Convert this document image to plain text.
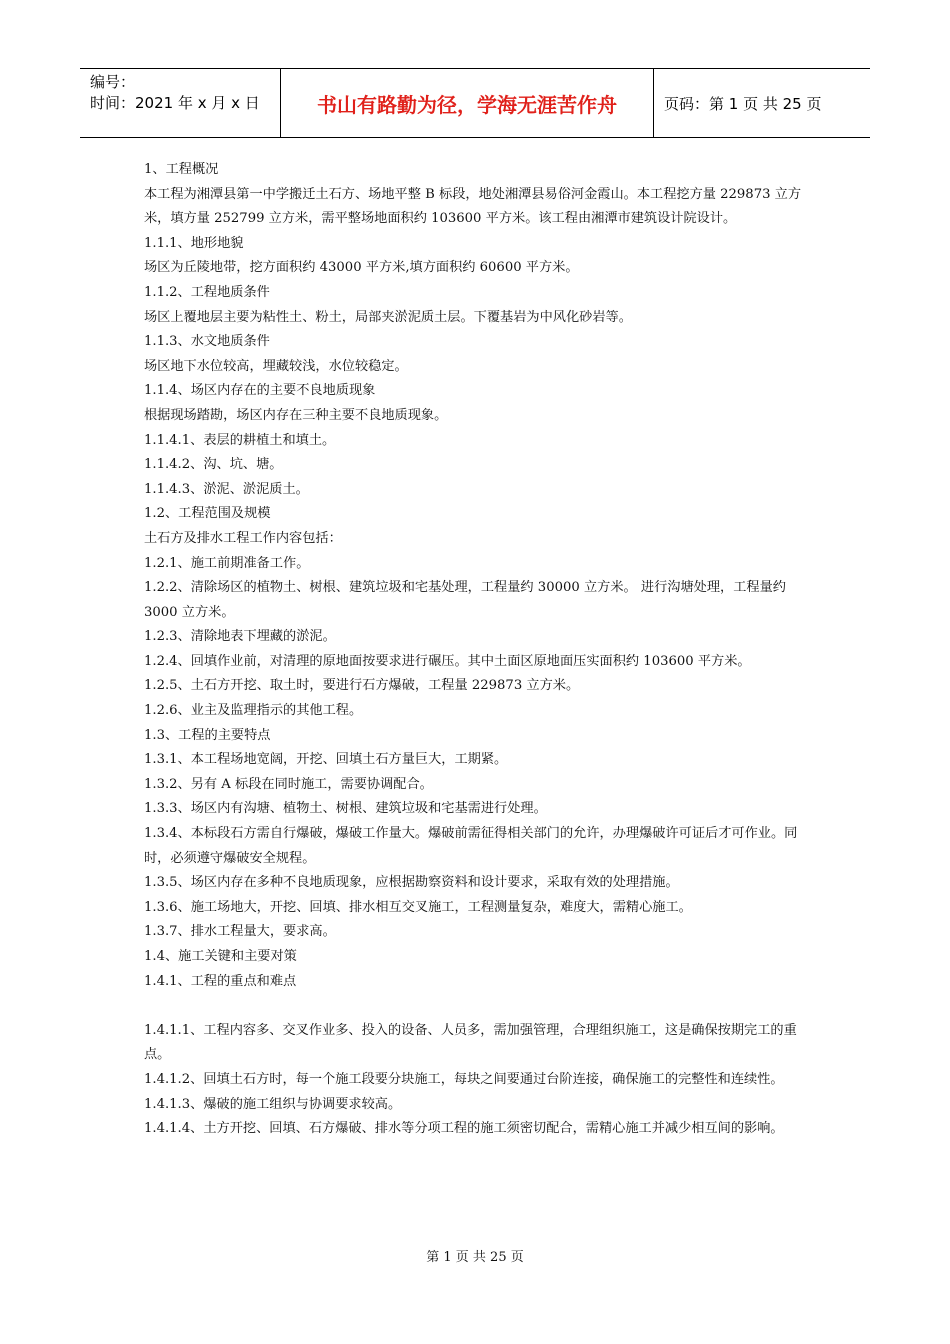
编号：
时间：2021 年 x 月 x 日	书山有路勤为径，学海无涯苦作舟	页码：第 1 页 共 25 页

1、工程概况

本工程为湘潭县第一中学搬迁土石方、场地平整 B 标段，地处湘潭县易俗河金霞山。本工程挖方量 229873 立方米，填方量 252799 立方米，需平整场地面积约 103600 平方米。该工程由湘潭市建筑设计院设计。

1.1.1、地形地貌

场区为丘陵地带，挖方面积约 43000 平方米,填方面积约 60600 平方米。

1.1.2、工程地质条件

场区上覆地层主要为粘性土、粉土，局部夹淤泥质土层。下覆基岩为中风化砂岩等。

1.1.3、水文地质条件

场区地下水位较高，埋藏较浅，水位较稳定。

1.1.4、场区内存在的主要不良地质现象

根据现场踏勘，场区内存在三种主要不良地质现象。

1.1.4.1、表层的耕植土和填土。

1.1.4.2、沟、坑、塘。

1.1.4.3、淤泥、淤泥质土。

1.2、工程范围及规模

土石方及排水工程工作内容包括：

1.2.1、施工前期准备工作。

1.2.2、清除场区的植物土、树根、建筑垃圾和宅基处理，工程量约 30000 立方米。 进行沟塘处理，工程量约 3000 立方米。

1.2.3、清除地表下埋藏的淤泥。

1.2.4、回填作业前，对清理的原地面按要求进行碾压。其中土面区原地面压实面积约 103600 平方米。

1.2.5、土石方开挖、取土时，要进行石方爆破，工程量 229873 立方米。

1.2.6、业主及监理指示的其他工程。

1.3、工程的主要特点

1.3.1、本工程场地宽阔，开挖、回填土石方量巨大，工期紧。

1.3.2、另有 A 标段在同时施工，需要协调配合。

1.3.3、场区内有沟塘、植物土、树根、建筑垃圾和宅基需进行处理。

1.3.4、本标段石方需自行爆破，爆破工作量大。爆破前需征得相关部门的允许，办理爆破许可证后才可作业。同

时，必须遵守爆破安全规程。

1.3.5、场区内存在多种不良地质现象，应根据勘察资料和设计要求，采取有效的处理措施。

1.3.6、施工场地大，开挖、回填、排水相互交叉施工，工程测量复杂，难度大，需精心施工。

1.3.7、排水工程量大，要求高。

1.4、施工关键和主要对策

1.4.1、工程的重点和难点

1.4.1.1、工程内容多、交叉作业多、投入的设备、人员多，需加强管理，合理组织施工，这是确保按期完工的重点。

1.4.1.2、回填土石方时，每一个施工段要分块施工，每块之间要通过台阶连接，确保施工的完整性和连续性。

1.4.1.3、爆破的施工组织与协调要求较高。

1.4.1.4、土方开挖、回填、石方爆破、排水等分项工程的施工须密切配合，需精心施工并减少相互间的影响。

第 1 页 共 25 页
